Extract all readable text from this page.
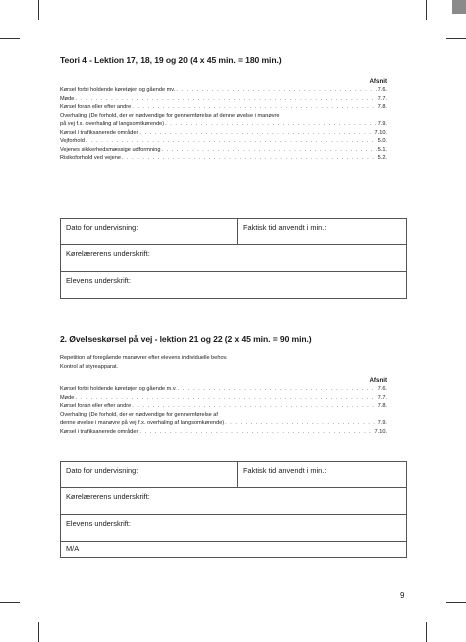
Teori 4 - Lektion 17, 18, 19 og 20 (4 x 45 min. = 180 min.)
Afsnit
Kørsel forbi holdende køretøjer og gående mv. . . .	7.6.
Møde . . .	7.7.
Kørsel foran eller efter andre . . .	7.8.
Overhaling (De forhold, der er nødvendige for gennemførelse af denne øvelse i manøvre
på vej f.x. overhaling af langsomtkørende) . . .	7.9.
Kørsel i trafiksanerede områder . . .	7.10.
Vejforhold . . .	5.0.
Vejenes sikkerhedsmæssige udformning . . .	5.1.
Risikoforhold ved vejene . . .	5.2.
Dato for undervisning:	Faktisk tid anvendt i min.:
Kørelærerens underskrift:
Elevens underskrift:
2. Øvelseskørsel på vej - lektion 21 og 22 (2 x 45 min. = 90 min.)
Repetition af foregående manøvrer efter elevens individuelle behov.
Kontrol af styreapparat.
Afsnit
Kørsel forbi holdende køretøjer og gående m.v. . . .	7.6.
Møde . . .	7.7.
Kørsel foran eller efter andre . . .	7.8.
Overhaling (De forhold, der er nødvendige for gennemførelse af
denne øvelse i manøvre på vej f.x. overhaling af langsomkørende) . . .	7.9.
Kørsel i trafiksanerede områder . . .	7.10.
Dato for undervisning:	Faktisk tid anvendt i min.:
Kørelærerens underskrift:
Elevens underskrift:
M/A
9
